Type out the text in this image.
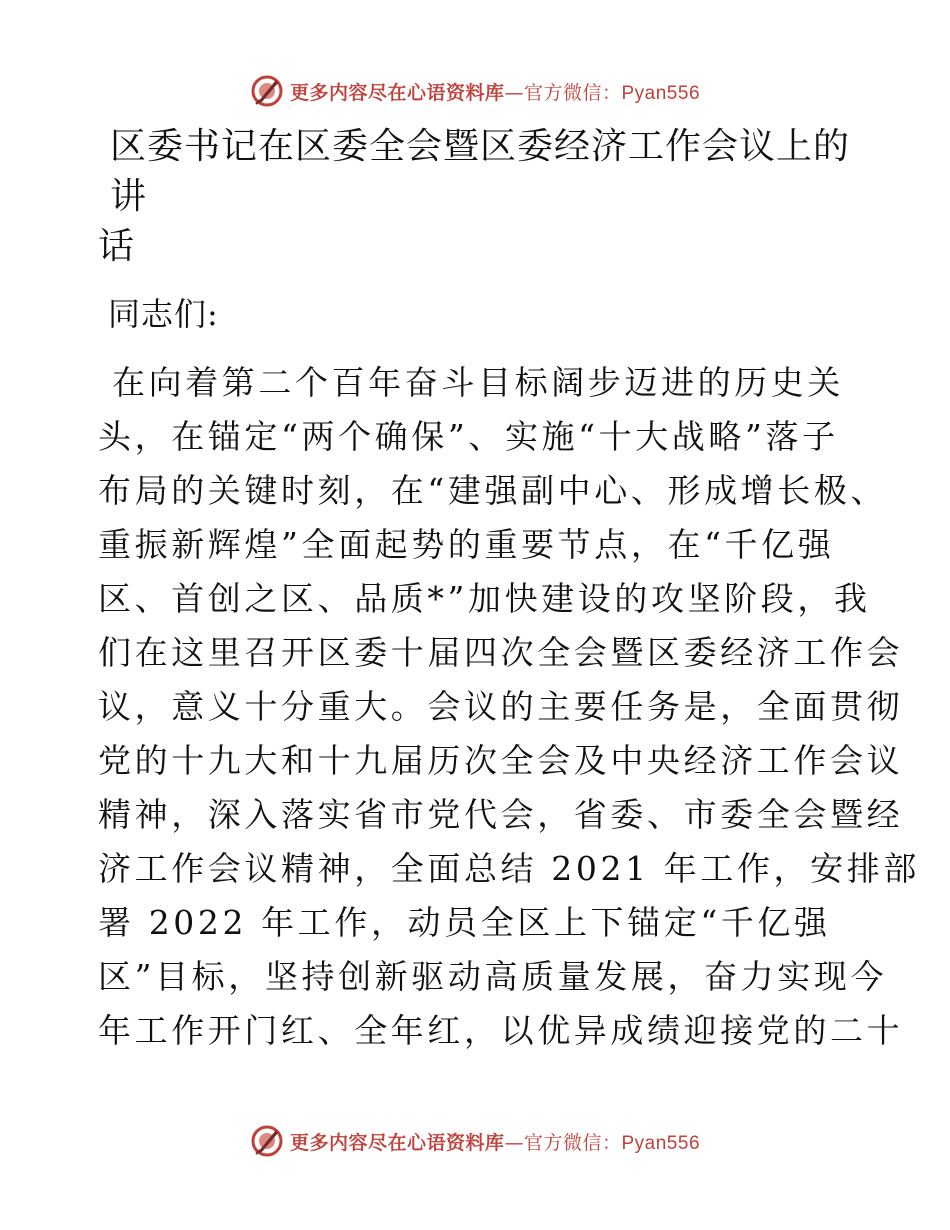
更多内容尽在心语资料库—官方微信：Pyan556
区委书记在区委全会暨区委经济工作会议上的讲
话

同志们:

在向着第二个百年奋斗目标阔步迈进的历史关
头，在锚定“两个确保”、实施“十大战略”落子
布局的关键时刻，在“建强副中心、形成增长极、
重振新辉煌”全面起势的重要节点，在“千亿强
区、首创之区、品质*”加快建设的攻坚阶段，我
们在这里召开区委十届四次全会暨区委经济工作会
议，意义十分重大。会议的主要任务是，全面贯彻
党的十九大和十九届历次全会及中央经济工作会议
精神，深入落实省市党代会，省委、市委全会暨经
济工作会议精神，全面总结 2021 年工作，安排部
署 2022 年工作，动员全区上下锚定“千亿强
区”目标，坚持创新驱动高质量发展，奋力实现今
年工作开门红、全年红，以优异成绩迎接党的二十
更多内容尽在心语资料库—官方微信：Pyan556
